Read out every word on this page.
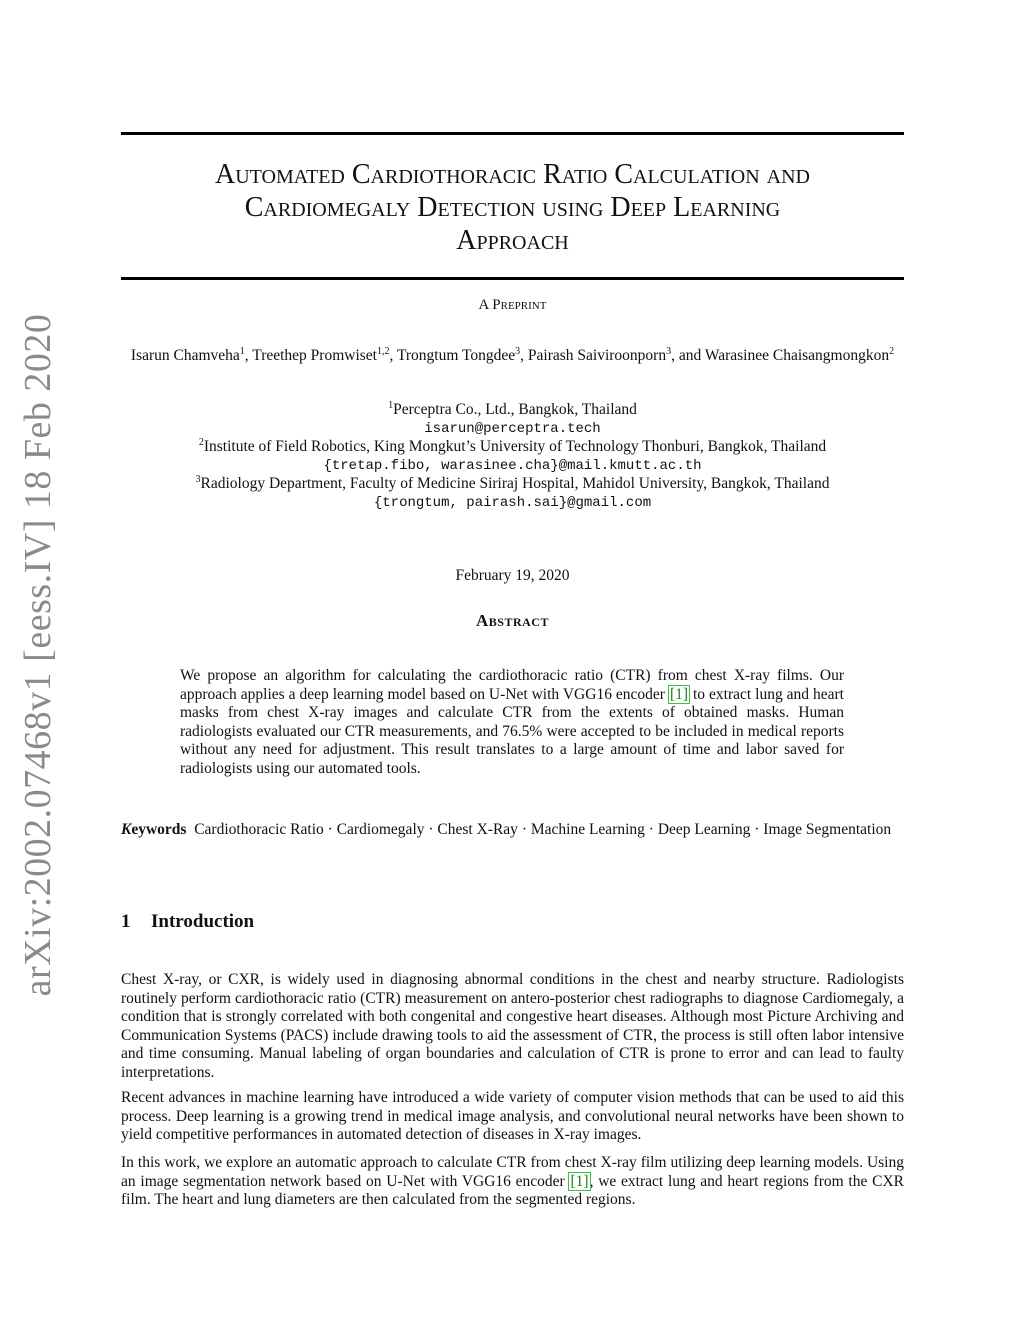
arXiv:2002.07468v1 [eess.IV] 18 Feb 2020
Automated Cardiothoracic Ratio Calculation and
Cardiomegaly Detection using Deep Learning
Approach
A Preprint
Isarun Chamveha$^1$, Treethep Promwiset$^{1,2}$, Trongtum Tongdee$^3$, Pairash Saiviroonporn$^3$, and Warasinee Chaisangmongkon$^2$
$^1$Perceptra Co., Ltd., Bangkok, Thailand
isarun@perceptra.tech
$^2$Institute of Field Robotics, King Mongkut’s University of Technology Thonburi, Bangkok, Thailand
{tretap.fibo, warasinee.cha}@mail.kmutt.ac.th
$^3$Radiology Department, Faculty of Medicine Siriraj Hospital, Mahidol University, Bangkok, Thailand
{trongtum, pairash.sai}@gmail.com
February 19, 2020
Abstract
We propose an algorithm for calculating the cardiothoracic ratio (CTR) from chest X-ray films. Our approach applies a deep learning model based on U-Net with VGG16 encoder [1] to extract lung and heart masks from chest X-ray images and calculate CTR from the extents of obtained masks. Human radiologists evaluated our CTR measurements, and 76.5% were accepted to be included in medical reports without any need for adjustment. This result translates to a large amount of time and labor saved for radiologists using our automated tools.
Keywords Cardiothoracic Ratio · Cardiomegaly · Chest X-Ray · Machine Learning · Deep Learning · Image Segmentation
1 Introduction

Chest X-ray, or CXR, is widely used in diagnosing abnormal conditions in the chest and nearby structure. Radiologists routinely perform cardiothoracic ratio (CTR) measurement on antero-posterior chest radiographs to diagnose Cardiomegaly, a condition that is strongly correlated with both congenital and congestive heart diseases. Although most Picture Archiving and Communication Systems (PACS) include drawing tools to aid the assessment of CTR, the process is still often labor intensive and time consuming. Manual labeling of organ boundaries and calculation of CTR is prone to error and can lead to faulty interpretations.

Recent advances in machine learning have introduced a wide variety of computer vision methods that can be used to aid this process. Deep learning is a growing trend in medical image analysis, and convolutional neural networks have been shown to yield competitive performances in automated detection of diseases in X-ray images.

In this work, we explore an automatic approach to calculate CTR from chest X-ray film utilizing deep learning models. Using an image segmentation network based on U-Net with VGG16 encoder [1], we extract lung and heart regions from the CXR film. The heart and lung diameters are then calculated from the segmented regions.
